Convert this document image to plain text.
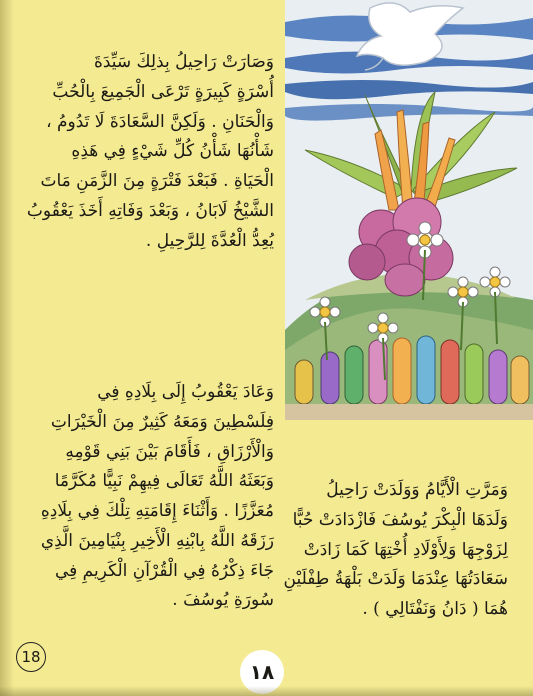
وَصَارَتْ رَاحِيلُ بِذلِكَ سَيِّدَةَ
أُسْرَةٍ كَبِيرَةٍ تَرْعَى الْجَمِيعَ بِالْحُبِّ
وَالْحَنَانِ . وَلَكِنَّ السَّعَادَةَ لَا تَدُومُ ،
شَأْنُهَا شَأْنُ كُلِّ شَيْءٍ فِي هَذِهِ
الْحَيَاةِ . فَبَعْدَ فَتْرَةٍ مِنَ الزَّمَنِ مَاتَ
الشَّيْخُ لَابَانُ ، وَبَعْدَ وَفَاتِهِ أَخَذَ يَعْقُوبُ
يُعِدُّ الْعُدَّةَ لِلرَّحِيلِ .
وَعَادَ يَعْقُوبُ إِلَى بِلَادِهِ فِي
فِلَسْطِينَ وَمَعَهُ كَثِيرٌ مِنَ الْخَيْرَاتِ
وَالْأَرْزَاقِ ، فَأَقَامَ بَيْنَ بَنِي قَوْمِهِ
وَبَعَثَهُ اللَّهُ تَعَالَى فِيهِمْ نَبِيًّا مُكَرَّمًا
مُعَزَّزًا . وَأَثْنَاءَ إِقَامَتِهِ تِلْكَ فِي بِلَادِهِ
رَزَقَهُ اللَّهُ بِابْنِهِ الْأَخِيرِ بِنْيَامِينَ الَّذِي
جَاءَ ذِكْرُهُ فِي الْقُرْآنِ الْكَرِيمِ فِي
سُورَةِ يُوسُفَ .
وَمَرَّتِ الْأَيَّامُ وَوَلَدَتْ رَاحِيلُ
وَلَدَهَا الْبِكْرَ يُوسُفَ فَازْدَادَتْ حُبًّا
لِزَوْجِهَا وَلِأَوْلَادِ أُخْتِهَا كَمَا زَادَتْ
سَعَادَتُهَا عِنْدَمَا وَلَدَتْ بَلْهَةُ طِفْلَيْنِ
هُمَا ( دَانُ وَنَفْتَالِي ) .
18
١٨
